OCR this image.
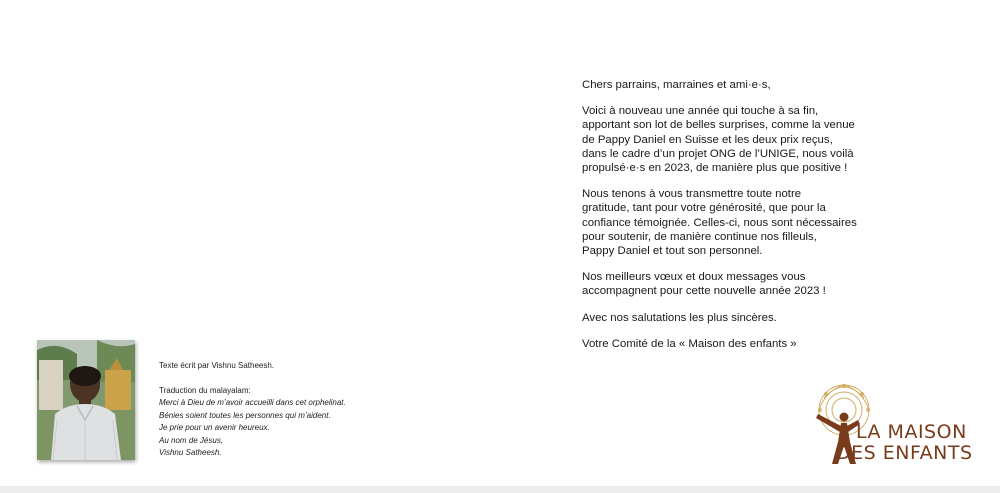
Texte écrit par Vishnu Satheesh.

Traduction du malayalam:

Merci à Dieu de m’avoir accueilli dans cet orphelinat.

Bénies soient toutes les personnes qui m’aident.

Je prie pour un avenir heureux.

Au nom de Jésus,

Vishnu Satheesh.

Chers parrains, marraines et ami·e·s,

Voici à nouveau une année qui touche à sa fin,
apportant son lot de belles surprises, comme la venue
de Pappy Daniel en Suisse et les deux prix reçus,
dans le cadre d’un projet ONG de l’UNIGE, nous voilà
propulsé·e·s en 2023, de manière plus que positive !

Nous tenons à vous transmettre toute notre
gratitude, tant pour votre générosité, que pour la
confiance témoignée. Celles-ci, nous sont nécessaires
pour soutenir, de manière continue nos filleuls,
Pappy Daniel et tout son personnel.

Nos meilleurs vœux et doux messages vous
accompagnent pour cette nouvelle année 2023 !

Avec nos salutations les plus sincères.

Votre Comité de la « Maison des enfants »

LA MAISON
DES ENFANTS
